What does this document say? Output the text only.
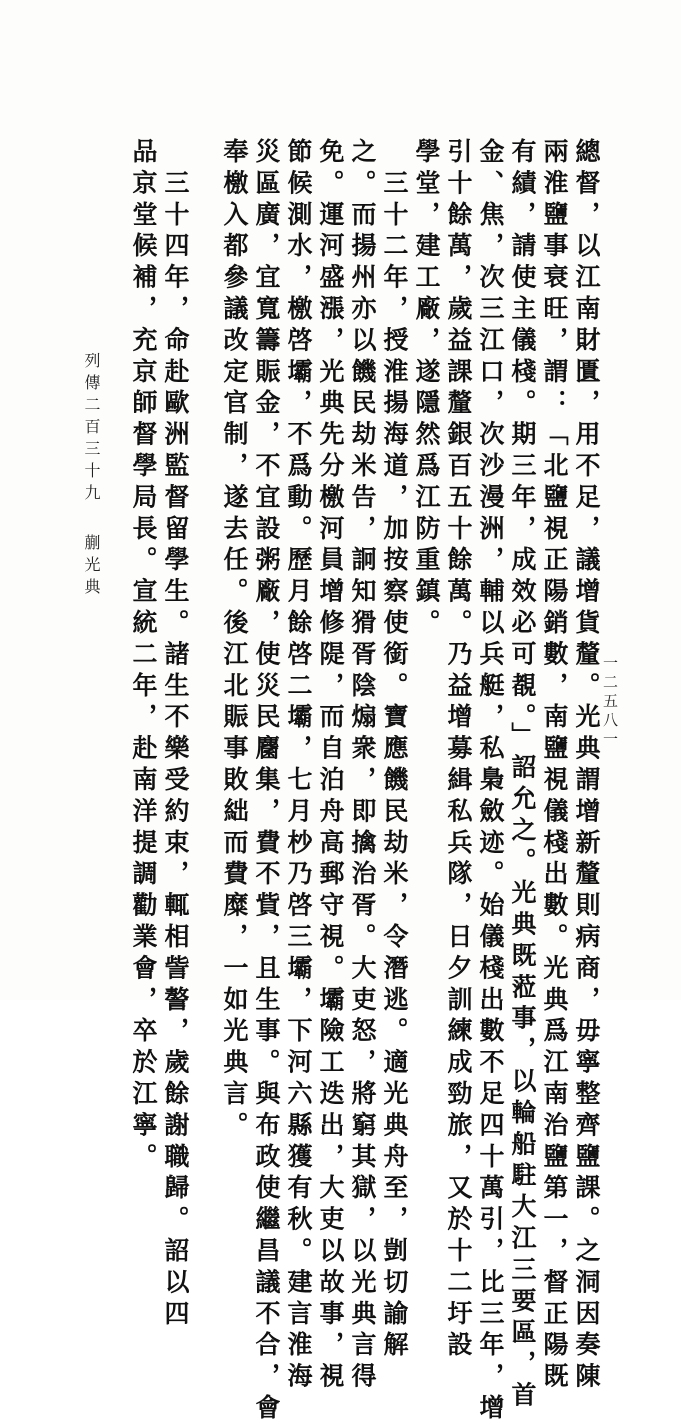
列傳二百三十九蒯光典	總督，以江南財匱，用不足，議增貨釐。光典謂增新釐則病商，毋寧整齊鹽課。之洞因奏陳
兩淮鹽事衰旺，謂：「北鹽視正陽銷數，南鹽視儀棧出數。光典爲江南治鹽第一，督正陽既
有績，請使主儀棧。期三年，成效必可覩。」詔允之。光典既蒞事，以輪船駐大江三要區，首
金、焦，次三江口，次沙漫洲，輔以兵艇，私梟斂迹。始儀棧出數不足四十萬引，比三年，增
引十餘萬，歲益課釐銀百五十餘萬。乃益增募緝私兵隊，日夕訓練成勁旅，又於十二圩設
學堂，建工廠，遂隱然爲江防重鎮。
　三十二年，授淮揚海道，加按察使銜。寶應饑民劫米，令潛逃。適光典舟至，剴切諭解
之。而揚州亦以饑民劫米告，詗知猾胥陰煽衆，即擒治胥。大吏怒，將窮其獄，以光典言得
免。運河盛漲，光典先分檄河員增修隄，而自泊舟高郵守視。壩險工迭出，大吏以故事，視
節候測水，檄啓壩，不爲動。歷月餘啓二壩，七月杪乃啓三壩，下河六縣獲有秋。建言淮海
災區廣，宜寬籌賑金，不宜設粥廠，使災民麕集，費不貲，且生事。與布政使繼昌議不合，會
奉檄入都參議改定官制，遂去任。後江北賑事敗絀而費糜，一如光典言。
　三十四年，命赴歐洲監督留學生。諸生不樂受約束，輒相訾謷，歲餘謝職歸。詔以四
品京堂候補，充京師督學局長。宣統二年，赴南洋提調勸業會，卒於江寧。	一二五八一
